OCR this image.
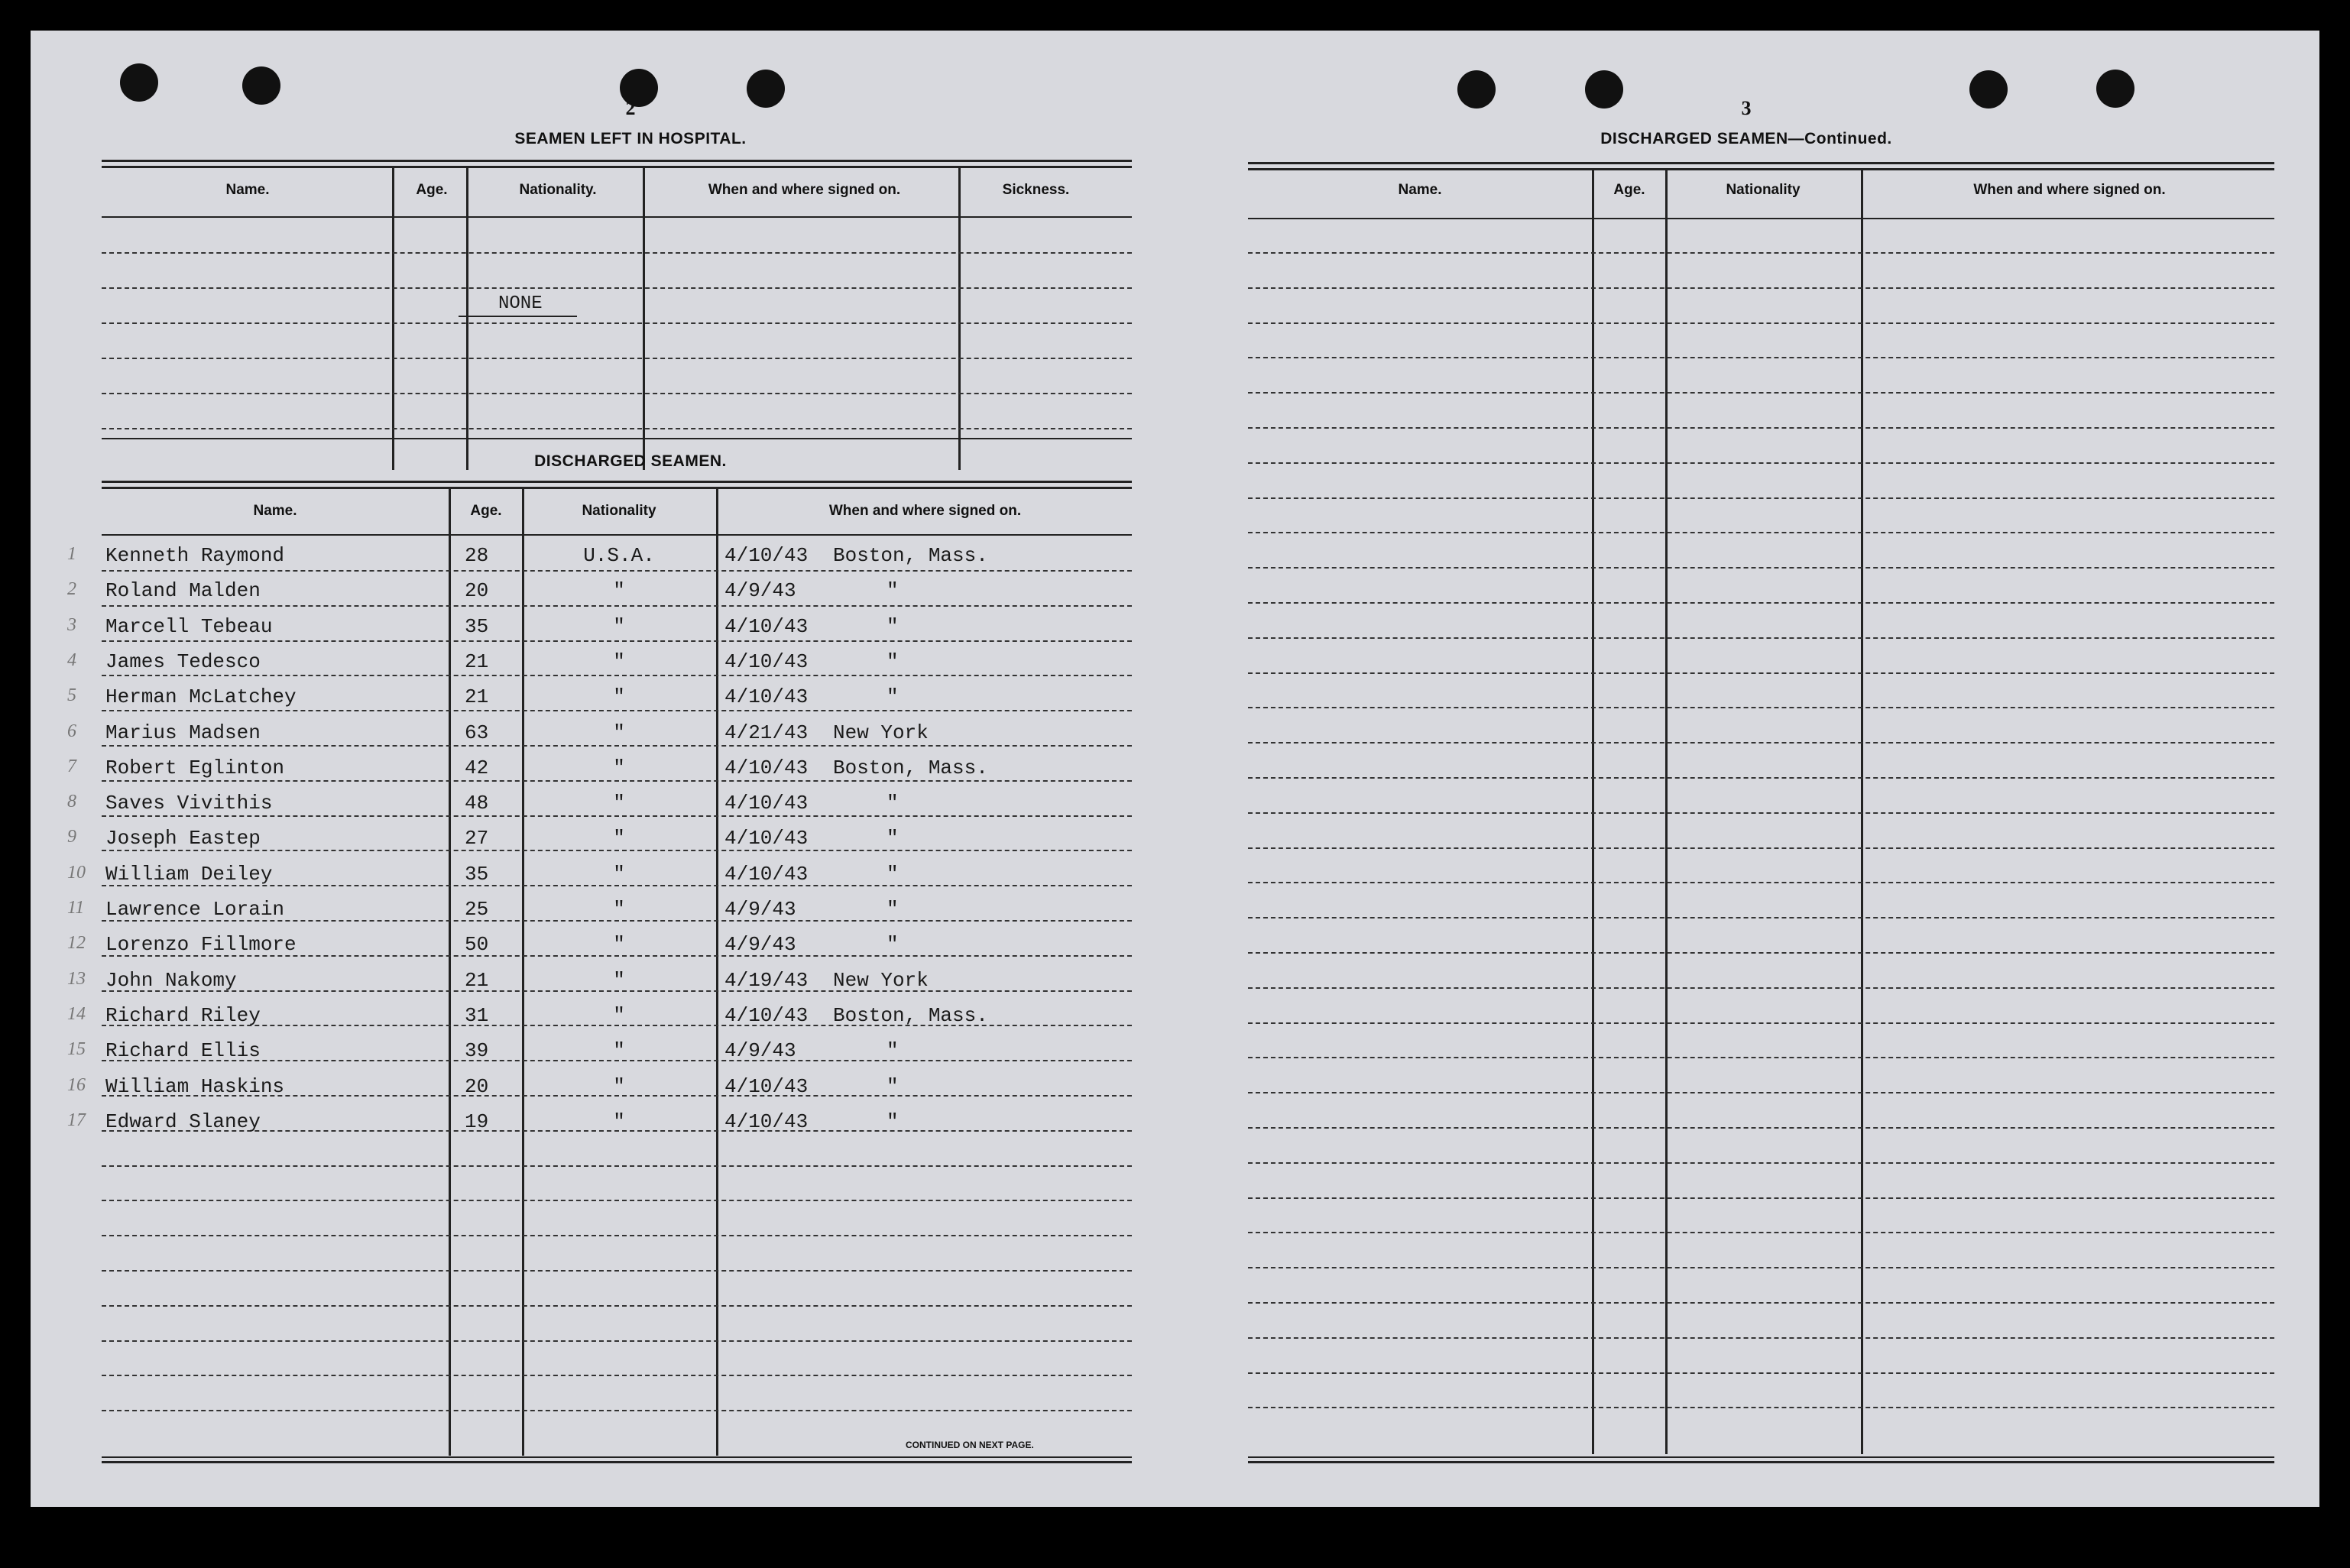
2
SEAMEN LEFT IN HOSPITAL.
Name.	Age.	Nationality.	When and where signed on.	Sickness.
NONE
DISCHARGED SEAMEN.
Name.	Age.	Nationality	When and where signed on.
1 Kenneth Raymond	28	U.S.A.	4/10/43 Boston, Mass.
2 Roland Malden	20	"	4/9/43	"
3 Marcell Tebeau	35	"	4/10/43	"
4 James Tedesco	21	"	4/10/43	"
5 Herman McLatchey	21	"	4/10/43	"
6 Marius Madsen	63	"	4/21/43 New York
7 Robert Eglinton	42	"	4/10/43 Boston, Mass.
8 Saves Vivithis	48	"	4/10/43	"
9 Joseph Eastep	27	"	4/10/43	"
10 William Deiley	35	"	4/10/43	"
11 Lawrence Lorain	25	"	4/9/43	"
12 Lorenzo Fillmore	50	"	4/9/43	"
13 John Nakomy	21	"	4/19/43 New York
14 Richard Riley	31	"	4/10/43 Boston, Mass.
15 Richard Ellis	39	"	4/9/43	"
16 William Haskins	20	"	4/10/43	"
17 Edward Slaney	19	"	4/10/43	"
CONTINUED ON NEXT PAGE.
3
DISCHARGED SEAMEN—Continued.
Name.	Age.	Nationality	When and where signed on.
